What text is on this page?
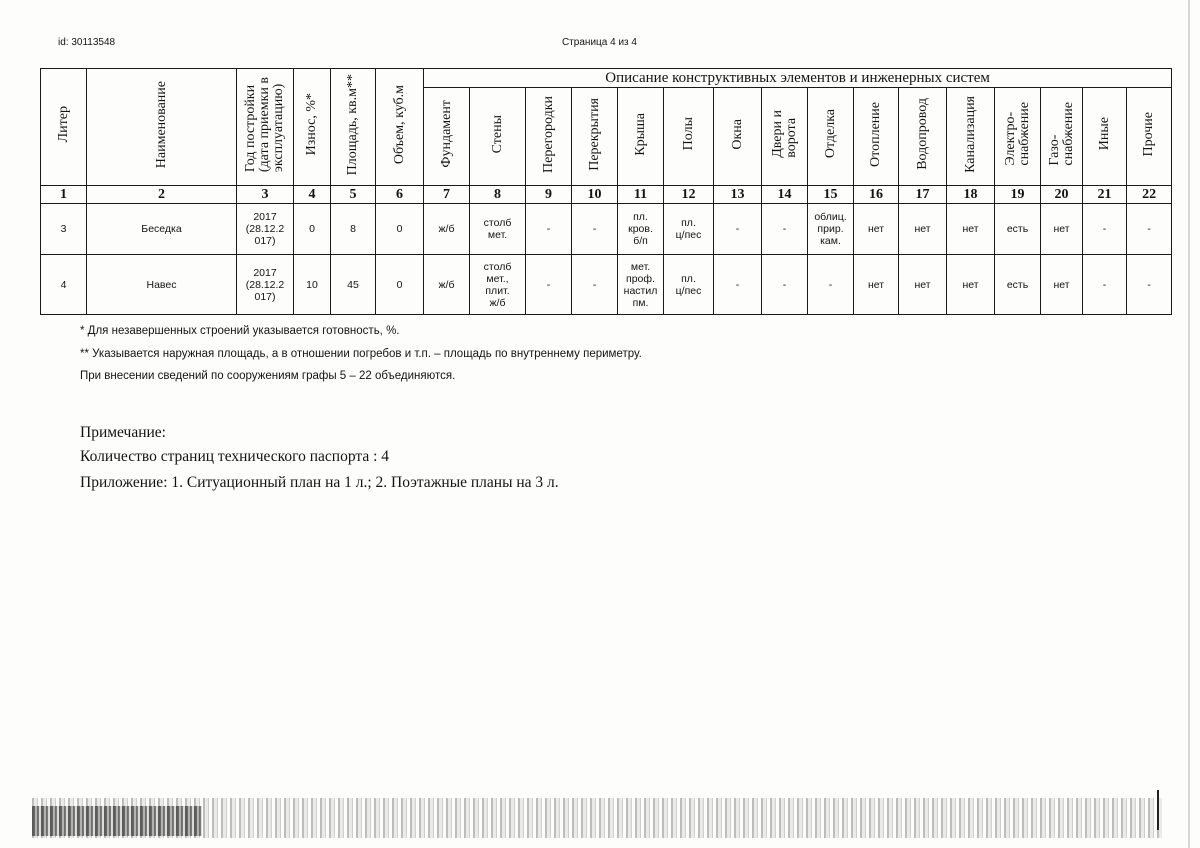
id: 30113548	Страница 4 из 4
Литер	Наименование	Год постройки
(дата приемки в
эксплуатацию)	Износ, %*	Площадь, кв.м**	Объем, куб.м	Описание конструктивных элементов и инженерных систем															
						Фундамент	Стены	Перегородки	Перекрытия	Крыша	Полы	Окна	Двери и
ворота	Отделка	Отопление	Водопровод	Канализация	Электро-
снабжение	Газо-
снабжение	Иные	Прочие
1	2	3	4	5	6	7	8	9	10	11	12	13	14	15	16	17	18	19	20	21	22
3	Беседка	2017
(28.12.2
017)	0	8	0	ж/б	столб
мет.	-	-	пл.
кров.
б/п	пл.
ц/пес	-	-	облиц.
прир.
кам.	нет	нет	нет	есть	нет	-	-
4	Навес	2017
(28.12.2
017)	10	45	0	ж/б	столб
мет.,
плит.
ж/б	-	-	мет.
проф.
настил
пм.	пл.
ц/пес	-	-	-	нет	нет	нет	есть	нет	-	-
* Для незавершенных строений указывается готовность, %.
** Указывается наружная площадь, а в отношении погребов и т.п. – площадь по внутреннему периметру.
При внесении сведений по сооружениям графы 5 – 22 объединяются.
Примечание:
Количество страниц технического паспорта : 4
Приложение: 1. Ситуационный план на 1 л.; 2. Поэтажные планы на 3 л.
